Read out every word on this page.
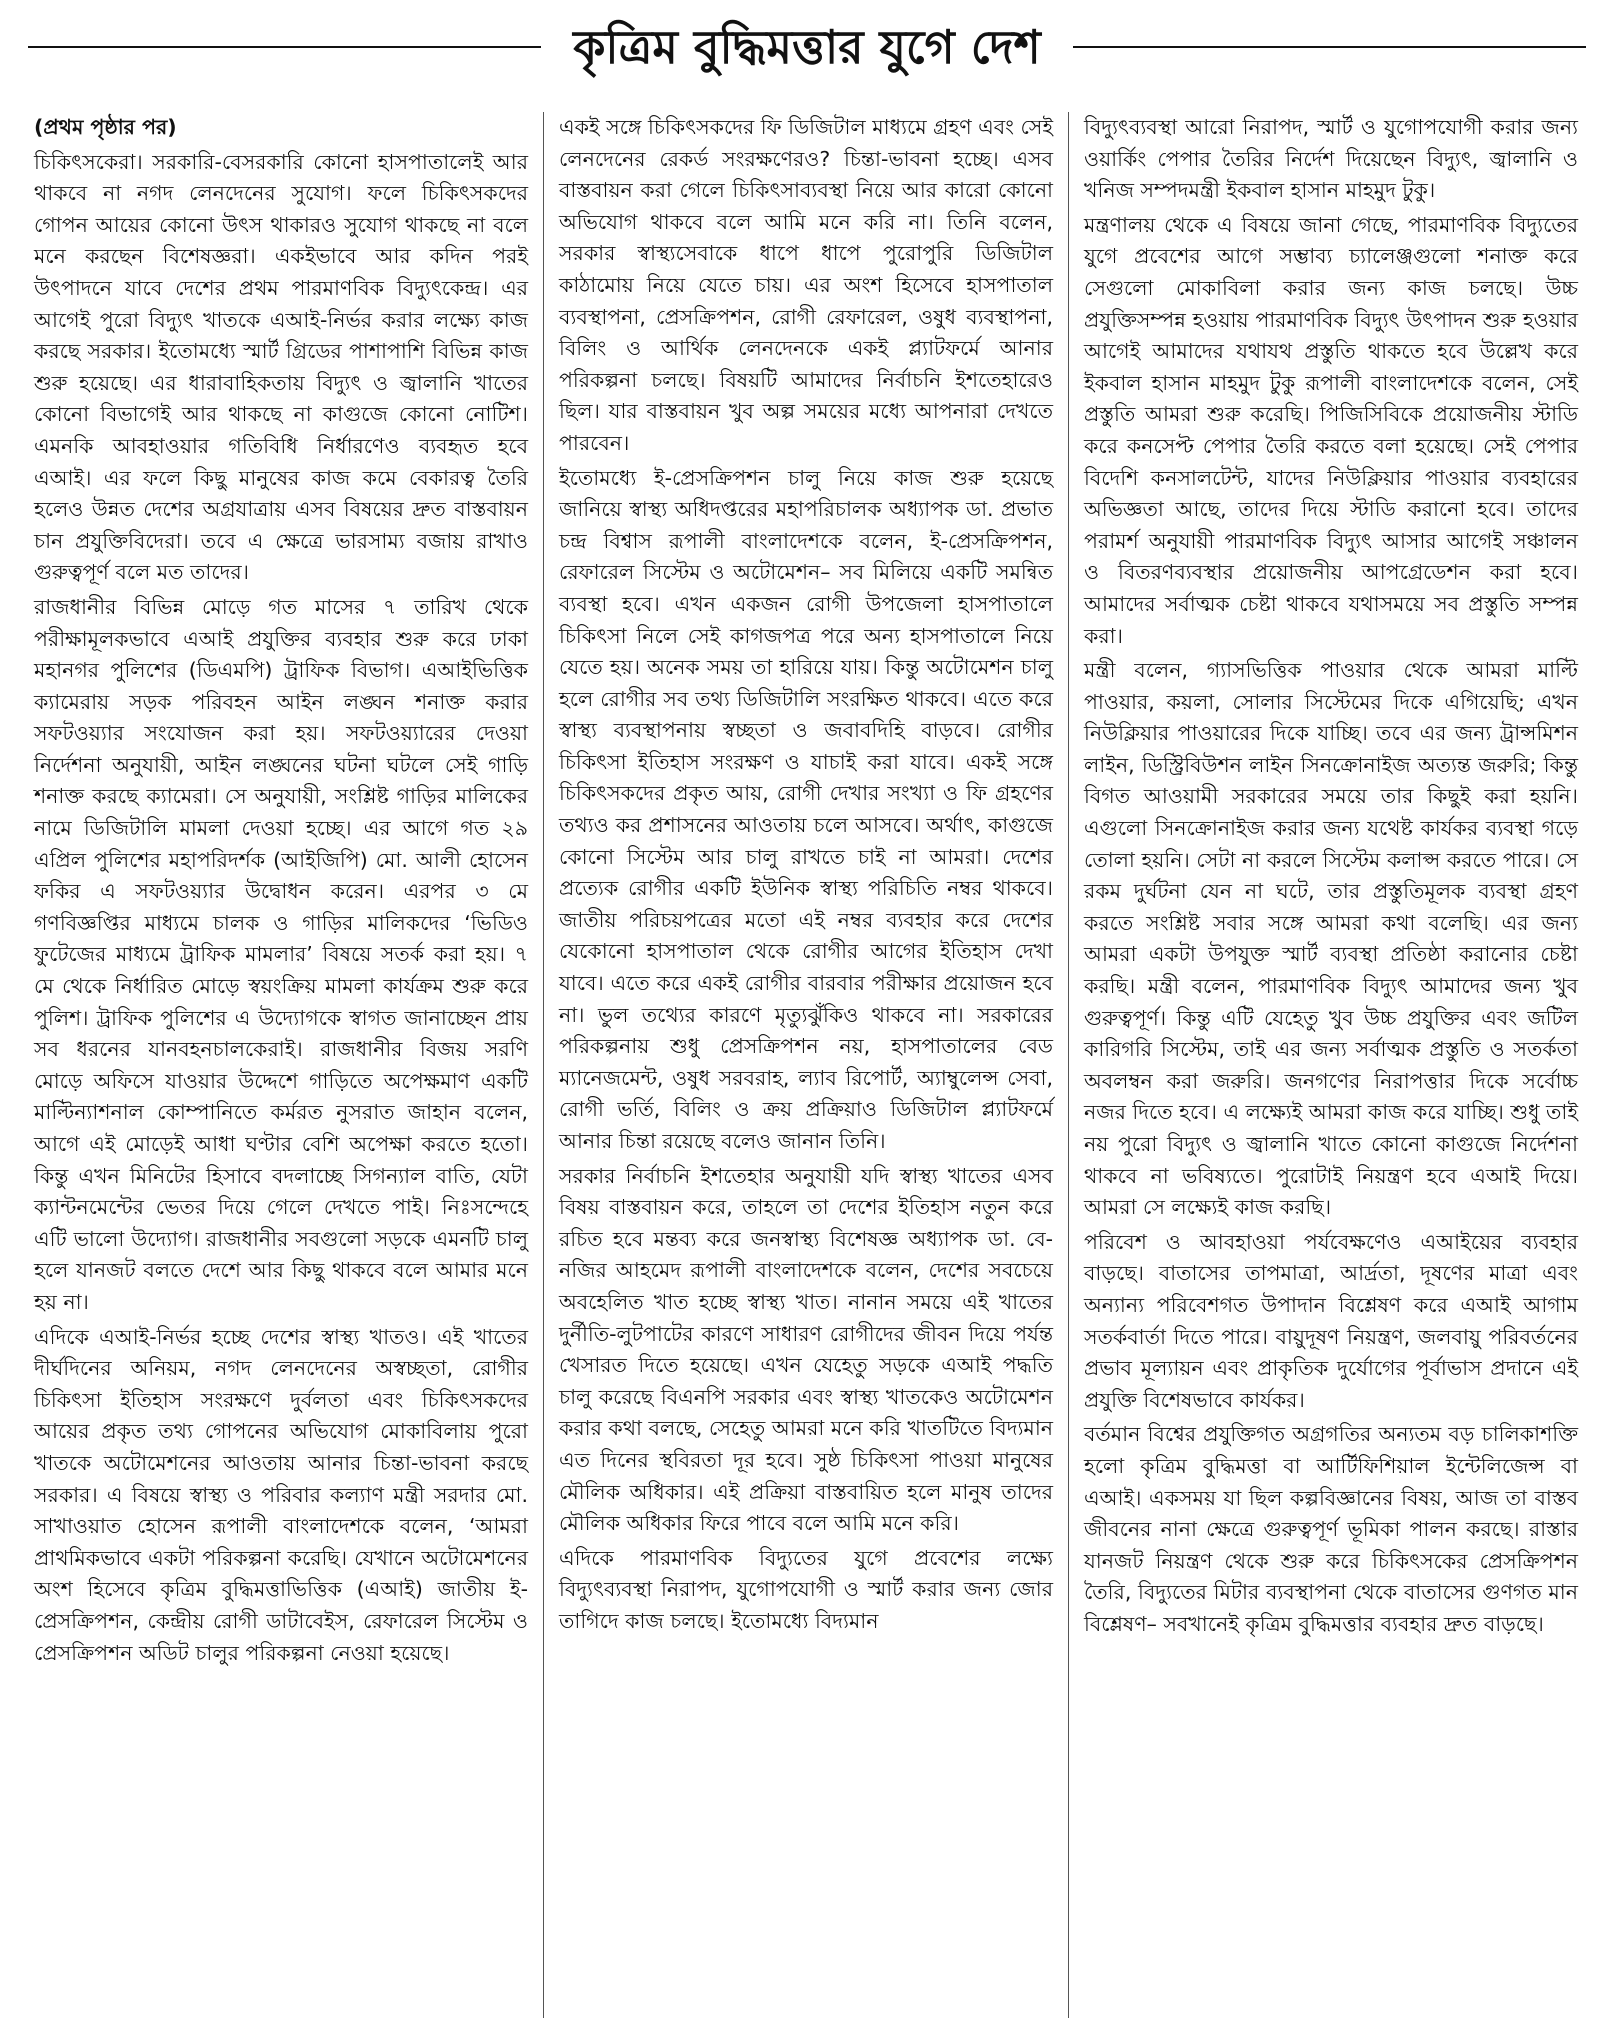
কৃত্রিম বুদ্ধিমত্তার যুগে দেশ

(প্রথম পৃষ্ঠার পর)

চিকিৎসকেরা। সরকারি-বেসরকারি কোনো হাসপাতালেই আর থাকবে না নগদ লেনদেনের সুযোগ। ফলে চিকিৎসকদের গোপন আয়ের কোনো উৎস থাকারও সুযোগ থাকছে না বলে মনে করছেন বিশেষজ্ঞরা। একইভাবে আর কদিন পরই উৎপাদনে যাবে দেশের প্রথম পারমাণবিক বিদ্যুৎকেন্দ্র। এর আগেই পুরো বিদ্যুৎ খাতকে এআই-নির্ভর করার লক্ষ্যে কাজ করছে সরকার। ইতোমধ্যে স্মার্ট গ্রিডের পাশাপাশি বিভিন্ন কাজ শুরু হয়েছে। এর ধারাবাহিকতায় বিদ্যুৎ ও জ্বালানি খাতের কোনো বিভাগেই আর থাকছে না কাগুজে কোনো নোটিশ। এমনকি আবহাওয়ার গতিবিধি নির্ধারণেও ব্যবহৃত হবে এআই। এর ফলে কিছু মানুষের কাজ কমে বেকারত্ব তৈরি হলেও উন্নত দেশের অগ্রযাত্রায় এসব বিষয়ের দ্রুত বাস্তবায়ন চান প্রযুক্তিবিদেরা। তবে এ ক্ষেত্রে ভারসাম্য বজায় রাখাও গুরুত্বপূর্ণ বলে মত তাদের।

রাজধানীর বিভিন্ন মোড়ে গত মাসের ৭ তারিখ থেকে পরীক্ষামূলকভাবে এআই প্রযুক্তির ব্যবহার শুরু করে ঢাকা মহানগর পুলিশের (ডিএমপি) ট্রাফিক বিভাগ। এআইভিত্তিক ক্যামেরায় সড়ক পরিবহন আইন লঙ্ঘন শনাক্ত করার সফটওয়্যার সংযোজন করা হয়। সফটওয়্যারের দেওয়া নির্দেশনা অনুযায়ী, আইন লঙ্ঘনের ঘটনা ঘটলে সেই গাড়ি শনাক্ত করছে ক্যামেরা। সে অনুযায়ী, সংশ্লিষ্ট গাড়ির মালিকের নামে ডিজিটালি মামলা দেওয়া হচ্ছে। এর আগে গত ২৯ এপ্রিল পুলিশের মহাপরিদর্শক (আইজিপি) মো. আলী হোসেন ফকির এ সফটওয়্যার উদ্বোধন করেন। এরপর ৩ মে গণবিজ্ঞপ্তির মাধ্যমে চালক ও গাড়ির মালিকদের ‘ভিডিও ফুটেজের মাধ্যমে ট্রাফিক মামলার’ বিষয়ে সতর্ক করা হয়। ৭ মে থেকে নির্ধারিত মোড়ে স্বয়ংক্রিয় মামলা কার্যক্রম শুরু করে পুলিশ। ট্রাফিক পুলিশের এ উদ্যোগকে স্বাগত জানাচ্ছেন প্রায় সব ধরনের যানবহনচালকেরাই। রাজধানীর বিজয় সরণি মোড়ে অফিসে যাওয়ার উদ্দেশে গাড়িতে অপেক্ষমাণ একটি মাল্টিন্যাশনাল কোম্পানিতে কর্মরত নুসরাত জাহান বলেন, আগে এই মোড়েই আধা ঘণ্টার বেশি অপেক্ষা করতে হতো। কিন্তু এখন মিনিটের হিসাবে বদলাচ্ছে সিগন্যাল বাতি, যেটা ক্যান্টনমেন্টের ভেতর দিয়ে গেলে দেখতে পাই। নিঃসন্দেহে এটি ভালো উদ্যোগ। রাজধানীর সবগুলো সড়কে এমনটি চালু হলে যানজট বলতে দেশে আর কিছু থাকবে বলে আমার মনে হয় না।

এদিকে এআই-নির্ভর হচ্ছে দেশের স্বাস্থ্য খাতও। এই খাতের দীর্ঘদিনের অনিয়ম, নগদ লেনদেনের অস্বচ্ছতা, রোগীর চিকিৎসা ইতিহাস সংরক্ষণে দুর্বলতা এবং চিকিৎসকদের আয়ের প্রকৃত তথ্য গোপনের অভিযোগ মোকাবিলায় পুরো খাতকে অটোমেশনের আওতায় আনার চিন্তা-ভাবনা করছে সরকার। এ বিষয়ে স্বাস্থ্য ও পরিবার কল্যাণ মন্ত্রী সরদার মো. সাখাওয়াত হোসেন রূপালী বাংলাদেশকে বলেন, ‘আমরা প্রাথমিকভাবে একটা পরিকল্পনা করেছি। যেখানে অটোমেশনের অংশ হিসেবে কৃত্রিম বুদ্ধিমত্তাভিত্তিক (এআই) জাতীয় ই-প্রেসক্রিপশন, কেন্দ্রীয় রোগী ডাটাবেইস, রেফারেল সিস্টেম ও প্রেসক্রিপশন অডিট চালুর পরিকল্পনা নেওয়া হয়েছে।

একই সঙ্গে চিকিৎসকদের ফি ডিজিটাল মাধ্যমে গ্রহণ এবং সেই লেনদেনের রেকর্ড সংরক্ষণেরও? চিন্তা-ভাবনা হচ্ছে। এসব বাস্তবায়ন করা গেলে চিকিৎসাব্যবস্থা নিয়ে আর কারো কোনো অভিযোগ থাকবে বলে আমি মনে করি না। তিনি বলেন, সরকার স্বাস্থ্যসেবাকে ধাপে ধাপে পুরোপুরি ডিজিটাল কাঠামোয় নিয়ে যেতে চায়। এর অংশ হিসেবে হাসপাতাল ব্যবস্থাপনা, প্রেসক্রিপশন, রোগী রেফারেল, ওষুধ ব্যবস্থাপনা, বিলিং ও আর্থিক লেনদেনকে একই প্ল্যাটফর্মে আনার পরিকল্পনা চলছে। বিষয়টি আমাদের নির্বাচনি ইশতেহারেও ছিল। যার বাস্তবায়ন খুব অল্প সময়ের মধ্যে আপনারা দেখতে পারবেন।

ইতোমধ্যে ই-প্রেসক্রিপশন চালু নিয়ে কাজ শুরু হয়েছে জানিয়ে স্বাস্থ্য অধিদপ্তরের মহাপরিচালক অধ্যাপক ডা. প্রভাত চন্দ্র বিশ্বাস রূপালী বাংলাদেশকে বলেন, ই-প্রেসক্রিপশন, রেফারেল সিস্টেম ও অটোমেশন– সব মিলিয়ে একটি সমন্বিত ব্যবস্থা হবে। এখন একজন রোগী উপজেলা হাসপাতালে চিকিৎসা নিলে সেই কাগজপত্র পরে অন্য হাসপাতালে নিয়ে যেতে হয়। অনেক সময় তা হারিয়ে যায়। কিন্তু অটোমেশন চালু হলে রোগীর সব তথ্য ডিজিটালি সংরক্ষিত থাকবে। এতে করে স্বাস্থ্য ব্যবস্থাপনায় স্বচ্ছতা ও জবাবদিহি বাড়বে। রোগীর চিকিৎসা ইতিহাস সংরক্ষণ ও যাচাই করা যাবে। একই সঙ্গে চিকিৎসকদের প্রকৃত আয়, রোগী দেখার সংখ্যা ও ফি গ্রহণের তথ্যও কর প্রশাসনের আওতায় চলে আসবে। অর্থাৎ, কাগুজে কোনো সিস্টেম আর চালু রাখতে চাই না আমরা। দেশের প্রত্যেক রোগীর একটি ইউনিক স্বাস্থ্য পরিচিতি নম্বর থাকবে। জাতীয় পরিচয়পত্রের মতো এই নম্বর ব্যবহার করে দেশের যেকোনো হাসপাতাল থেকে রোগীর আগের ইতিহাস দেখা যাবে। এতে করে একই রোগীর বারবার পরীক্ষার প্রয়োজন হবে না। ভুল তথ্যের কারণে মৃত্যুঝুঁকিও থাকবে না। সরকারের পরিকল্পনায় শুধু প্রেসক্রিপশন নয়, হাসপাতালের বেড ম্যানেজমেন্ট, ওষুধ সরবরাহ, ল্যাব রিপোর্ট, অ্যাম্বুলেন্স সেবা, রোগী ভর্তি, বিলিং ও ক্রয় প্রক্রিয়াও ডিজিটাল প্ল্যাটফর্মে আনার চিন্তা রয়েছে বলেও জানান তিনি।

সরকার নির্বাচনি ইশতেহার অনুযায়ী যদি স্বাস্থ্য খাতের এসব বিষয় বাস্তবায়ন করে, তাহলে তা দেশের ইতিহাস নতুন করে রচিত হবে মন্তব্য করে জনস্বাস্থ্য বিশেষজ্ঞ অধ্যাপক ডা. বে-নজির আহমেদ রূপালী বাংলাদেশকে বলেন, দেশের সবচেয়ে অবহেলিত খাত হচ্ছে স্বাস্থ্য খাত। নানান সময়ে এই খাতের দুর্নীতি-লুটপাটের কারণে সাধারণ রোগীদের জীবন দিয়ে পর্যন্ত খেসারত দিতে হয়েছে। এখন যেহেতু সড়কে এআই পদ্ধতি চালু করেছে বিএনপি সরকার এবং স্বাস্থ্য খাতকেও অটোমেশন করার কথা বলছে, সেহেতু আমরা মনে করি খাতটিতে বিদ্যমান এত দিনের স্থবিরতা দূর হবে। সুষ্ঠ চিকিৎসা পাওয়া মানুষের মৌলিক অধিকার। এই প্রক্রিয়া বাস্তবায়িত হলে মানুষ তাদের মৌলিক অধিকার ফিরে পাবে বলে আমি মনে করি।

এদিকে পারমাণবিক বিদ্যুতের যুগে প্রবেশের লক্ষ্যে বিদ্যুৎব্যবস্থা নিরাপদ, যুগোপযোগী ও স্মার্ট করার জন্য জোর তাগিদে কাজ চলছে। ইতোমধ্যে বিদ্যমান

বিদ্যুৎব্যবস্থা আরো নিরাপদ, স্মার্ট ও যুগোপযোগী করার জন্য ওয়ার্কিং পেপার তৈরির নির্দেশ দিয়েছেন বিদ্যুৎ, জ্বালানি ও খনিজ সম্পদমন্ত্রী ইকবাল হাসান মাহমুদ টুকু।

মন্ত্রণালয় থেকে এ বিষয়ে জানা গেছে, পারমাণবিক বিদ্যুতের যুগে প্রবেশের আগে সম্ভাব্য চ্যালেঞ্জগুলো শনাক্ত করে সেগুলো মোকাবিলা করার জন্য কাজ চলছে। উচ্চ প্রযুক্তিসম্পন্ন হওয়ায় পারমাণবিক বিদ্যুৎ উৎপাদন শুরু হওয়ার আগেই আমাদের যথাযথ প্রস্তুতি থাকতে হবে উল্লেখ করে ইকবাল হাসান মাহমুদ টুকু রূপালী বাংলাদেশকে বলেন, সেই প্রস্তুতি আমরা শুরু করেছি। পিজিসিবিকে প্রয়োজনীয় স্টাডি করে কনসেপ্ট পেপার তৈরি করতে বলা হয়েছে। সেই পেপার বিদেশি কনসালটেন্ট, যাদের নিউক্লিয়ার পাওয়ার ব্যবহারের অভিজ্ঞতা আছে, তাদের দিয়ে স্টাডি করানো হবে। তাদের পরামর্শ অনুযায়ী পারমাণবিক বিদ্যুৎ আসার আগেই সঞ্চালন ও বিতরণব্যবস্থার প্রয়োজনীয় আপগ্রেডেশন করা হবে। আমাদের সর্বাত্মক চেষ্টা থাকবে যথাসময়ে সব প্রস্তুতি সম্পন্ন করা।

মন্ত্রী বলেন, গ্যাসভিত্তিক পাওয়ার থেকে আমরা মাল্টি পাওয়ার, কয়লা, সোলার সিস্টেমের দিকে এগিয়েছি; এখন নিউক্লিয়ার পাওয়ারের দিকে যাচ্ছি। তবে এর জন্য ট্রান্সমিশন লাইন, ডিস্ট্রিবিউশন লাইন সিনক্রোনাইজ অত্যন্ত জরুরি; কিন্তু বিগত আওয়ামী সরকারের সময়ে তার কিছুই করা হয়নি। এগুলো সিনক্রোনাইজ করার জন্য যথেষ্ট কার্যকর ব্যবস্থা গড়ে তোলা হয়নি। সেটা না করলে সিস্টেম কলাপ্স করতে পারে। সে রকম দুর্ঘটনা যেন না ঘটে, তার প্রস্তুতিমূলক ব্যবস্থা গ্রহণ করতে সংশ্লিষ্ট সবার সঙ্গে আমরা কথা বলেছি। এর জন্য আমরা একটা উপযুক্ত স্মার্ট ব্যবস্থা প্রতিষ্ঠা করানোর চেষ্টা করছি। মন্ত্রী বলেন, পারমাণবিক বিদ্যুৎ আমাদের জন্য খুব গুরুত্বপূর্ণ। কিন্তু এটি যেহেতু খুব উচ্চ প্রযুক্তির এবং জটিল কারিগরি সিস্টেম, তাই এর জন্য সর্বাত্মক প্রস্তুতি ও সতর্কতা অবলম্বন করা জরুরি। জনগণের নিরাপত্তার দিকে সর্বোচ্চ নজর দিতে হবে। এ লক্ষ্যেই আমরা কাজ করে যাচ্ছি। শুধু তাই নয় পুরো বিদ্যুৎ ও জ্বালানি খাতে কোনো কাগুজে নির্দেশনা থাকবে না ভবিষ্যতে। পুরোটাই নিয়ন্ত্রণ হবে এআই দিয়ে। আমরা সে লক্ষ্যেই কাজ করছি।

পরিবেশ ও আবহাওয়া পর্যবেক্ষণেও এআইয়ের ব্যবহার বাড়ছে। বাতাসের তাপমাত্রা, আর্দ্রতা, দূষণের মাত্রা এবং অন্যান্য পরিবেশগত উপাদান বিশ্লেষণ করে এআই আগাম সতর্কবার্তা দিতে পারে। বায়ুদূষণ নিয়ন্ত্রণ, জলবায়ু পরিবর্তনের প্রভাব মূল্যায়ন এবং প্রাকৃতিক দুর্যোগের পূর্বাভাস প্রদানে এই প্রযুক্তি বিশেষভাবে কার্যকর।

বর্তমান বিশ্বের প্রযুক্তিগত অগ্রগতির অন্যতম বড় চালিকাশক্তি হলো কৃত্রিম বুদ্ধিমত্তা বা আর্টিফিশিয়াল ইন্টেলিজেন্স বা এআই। একসময় যা ছিল কল্পবিজ্ঞানের বিষয়, আজ তা বাস্তব জীবনের নানা ক্ষেত্রে গুরুত্বপূর্ণ ভূমিকা পালন করছে। রাস্তার যানজট নিয়ন্ত্রণ থেকে শুরু করে চিকিৎসকের প্রেসক্রিপশন তৈরি, বিদ্যুতের মিটার ব্যবস্থাপনা থেকে বাতাসের গুণগত মান বিশ্লেষণ– সবখানেই কৃত্রিম বুদ্ধিমত্তার ব্যবহার দ্রুত বাড়ছে।
